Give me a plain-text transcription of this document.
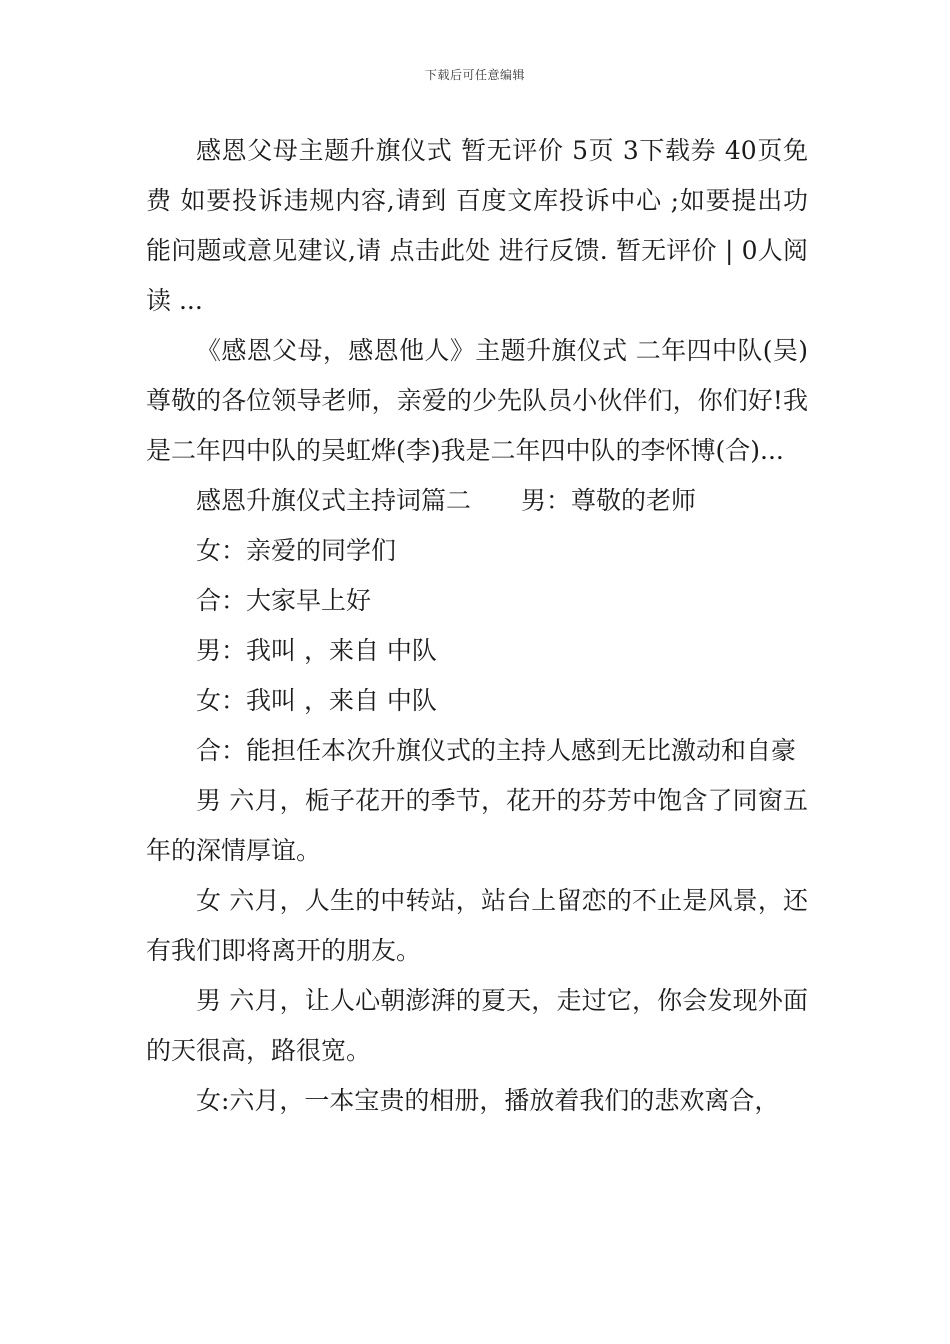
下载后可任意编辑

感恩父母主题升旗仪式 暂无评价 5页 3下载券 40页免费 如要投诉违规内容,请到 百度文库投诉中心 ;如要提出功能问题或意见建议,请 点击此处 进行反馈. 暂无评价 | 0人阅读 ...

《感恩父母，感恩他人》主题升旗仪式 二年四中队(吴)尊敬的各位领导老师，亲爱的少先队员小伙伴们，你们好!我是二年四中队的吴虹烨(李)我是二年四中队的李怀博(合)...

感恩升旗仪式主持词篇二　　男：尊敬的老师

女：亲爱的同学们

合：大家早上好

男：我叫 ，来自 中队

女：我叫 ，来自 中队

合：能担任本次升旗仪式的主持人感到无比激动和自豪

男 六月，栀子花开的季节，花开的芬芳中饱含了同窗五年的深情厚谊。

女 六月，人生的中转站，站台上留恋的不止是风景，还有我们即将离开的朋友。

男 六月，让人心朝澎湃的夏天，走过它，你会发现外面的天很高，路很宽。

女:六月，一本宝贵的相册，播放着我们的悲欢离合，
